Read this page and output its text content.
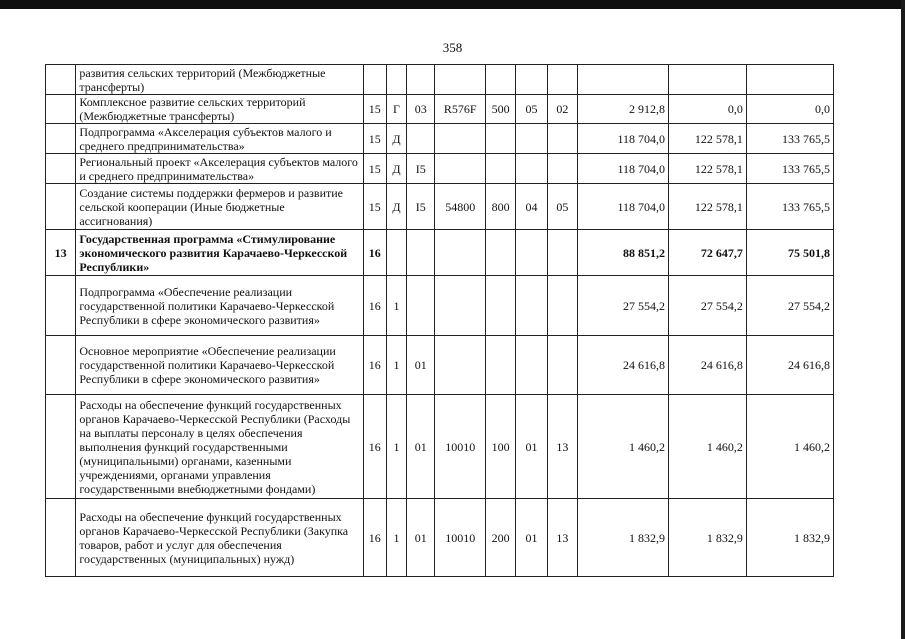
358
	развития сельских территорий (Межбюджетные трансферты)										
	Комплексное развитие сельских территорий (Межбюджетные трансферты)	15	Г	03	R576F	500	05	02	2 912,8	0,0	0,0
	Подпрограмма «Акселерация субъектов малого и среднего предпринимательства»	15	Д						118 704,0	122 578,1	133 765,5
	Региональный проект «Акселерация субъектов малого и среднего предпринимательства»	15	Д	I5					118 704,0	122 578,1	133 765,5
	Создание системы поддержки фермеров и развитие сельской кооперации (Иные бюджетные ассигнования)	15	Д	I5	54800	800	04	05	118 704,0	122 578,1	133 765,5
13	Государственная программа «Стимулирование экономического развития Карачаево-Черкесской Республики»	16							88 851,2	72 647,7	75 501,8
	Подпрограмма «Обеспечение реализации государственной политики Карачаево-Черкесской Республики в сфере экономического развития»	16	1						27 554,2	27 554,2	27 554,2
	Основное мероприятие «Обеспечение реализации государственной политики Карачаево-Черкесской Республики в сфере экономического развития»	16	1	01					24 616,8	24 616,8	24 616,8
	Расходы на обеспечение функций государственных органов Карачаево-Черкесской Республики (Расходы на выплаты персоналу в целях обеспечения выполнения функций государственными (муниципальными) органами, казенными учреждениями, органами управления государственными внебюджетными фондами)	16	1	01	10010	100	01	13	1 460,2	1 460,2	1 460,2
	Расходы на обеспечение функций государственных органов Карачаево-Черкесской Республики (Закупка товаров, работ и услуг для обеспечения государственных (муниципальных) нужд)	16	1	01	10010	200	01	13	1 832,9	1 832,9	1 832,9
